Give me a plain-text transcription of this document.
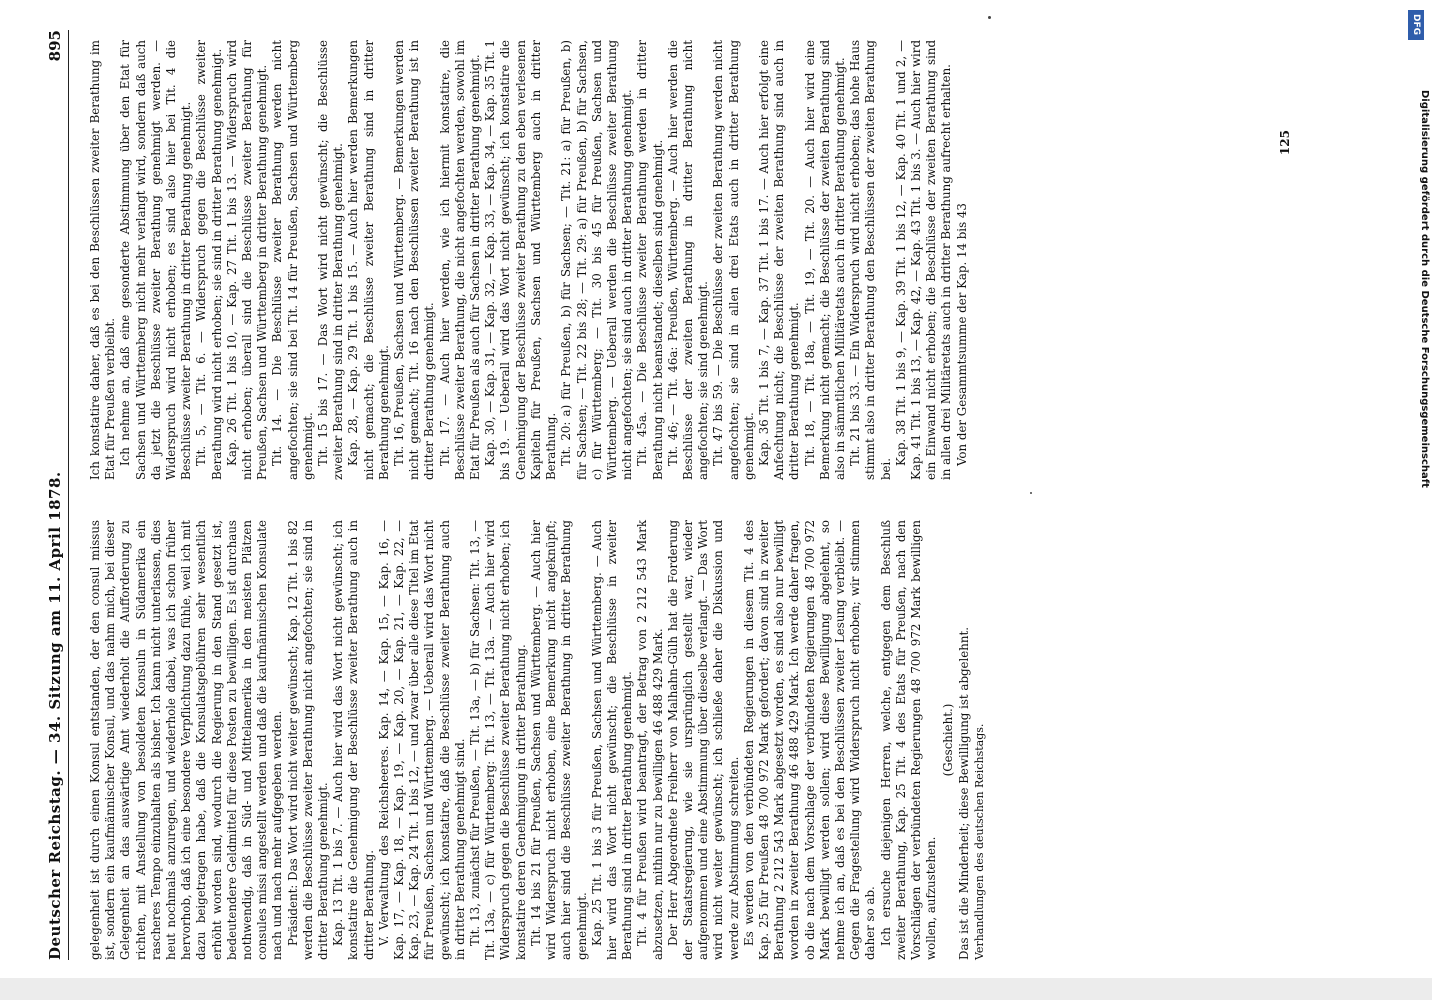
Deutscher Reichstag. — 34. Sitzung am 11. April 1878.
895

gelegenheit ist durch einen Konsul entstanden, der den consul missus ist, sondern ein kaufmännischer Konsul, und das nahm mich, bei dieser Gelegenheit an das auswärtige Amt wiederholt die Aufforderung zu richten, mit Anstellung von besoldeten Konsuln in Südamerika ein rascheres Tempo einzuhalten als bisher. Ich kann nicht unterlassen, dies heut nochmals anzuregen, und wiederhole dabei, was ich schon früher hervorhob, daß ich eine besondere Verpflichtung dazu fühle, weil ich mit dazu beigetragen habe, daß die Konsulatsgebühren sehr wesentlich erhöht worden sind, wodurch die Regierung in den Stand gesetzt ist, bedeutendere Geldmittel für diese Posten zu bewilligen. Es ist durchaus nothwendig, daß in Süd- und Mittelamerika in den meisten Plätzen consules missi angestellt werden und daß die kaufmännischen Konsulate nach und nach mehr aufgegeben werden. Präsident: Das Wort wird nicht weiter gewünscht; Kap. 12 Tit. 1 bis 82 werden die Beschlüsse zweiter Berathung nicht angefochten; sie sind in dritter Berathung genehmigt. Kap. 13 Tit. 1 bis 7. — Auch hier wird das Wort nicht gewünscht; ich konstatire die Genehmigung der Beschlüsse zweiter Berathung auch in dritter Berathung. V. Verwaltung des Reichsheeres. Kap. 14, — Kap. 15, — Kap. 16, — Kap. 17, — Kap. 18, — Kap. 19, — Kap. 20, — Kap. 21, — Kap. 22, — Kap. 23, — Kap. 24 Tit. 1 bis 12, — und zwar über alle diese Titel im Etat für Preußen, Sachsen und Württemberg. — Ueberall wird das Wort nicht gewünscht; ich konstatire, daß die Beschlüsse zweiter Berathung auch in dritter Berathung genehmigt sind. Tit. 13, zunächst für Preußen, — Tit. 13a, — b) für Sachsen: Tit. 13, — Tit. 13a, — c) für Württemberg: Tit. 13, — Tit. 13a. — Auch hier wird Widerspruch gegen die Beschlüsse zweiter Berathung nicht erhoben; ich konstatire deren Genehmigung in dritter Berathung. Tit. 14 bis 21 für Preußen, Sachsen und Württemberg. — Auch hier wird Widerspruch nicht erhoben, eine Bemerkung nicht angeknüpft; auch hier sind die Beschlüsse zweiter Berathung in dritter Berathung genehmigt. Kap. 25 Tit. 1 bis 3 für Preußen, Sachsen und Württemberg. — Auch hier wird das Wort nicht gewünscht; die Beschlüsse in zweiter Berathung sind in dritter Berathung genehmigt. Tit. 4 für Preußen wird beantragt, der Betrag von 2 212 543 Mark abzusetzen, mithin nur zu bewilligen 46 488 429 Mark. Der Herr Abgeordnete Freiherr von Malhahn-Gülh hat die Forderung der Staatsregierung, wie sie ursprünglich gestellt war, wieder aufgenommen und eine Abstimmung über dieselbe verlangt. — Das Wort wird nicht weiter gewünscht; ich schließe daher die Diskussion und werde zur Abstimmung schreiten. Es werden von den verbündeten Regierungen in diesem Tit. 4 des Kap. 25 für Preußen 48 700 972 Mark gefordert; davon sind in zweiter Berathung 2 212 543 Mark abgesetzt worden, es sind also nur bewilligt worden in zweiter Berathung 46 488 429 Mark. Ich werde daher fragen, ob die nach dem Vorschlage der verbündeten Regierungen 48 700 972 Mark bewilligt werden sollen; wird diese Bewilligung abgelehnt, so nehme ich an, daß es bei den Beschlüssen zweiter Lesung verbleibt. — Gegen die Fragestellung wird Widerspruch nicht erhoben; wir stimmen daher so ab. Ich ersuche diejenigen Herren, welche, entgegen dem Beschluß zweiter Berathung, Kap. 25 Tit. 4 des Etats für Preußen, nach den Vorschlägen der verbündeten Regierungen 48 700 972 Mark bewilligen wollen, aufzustehen.

(Geschieht.) Das ist die Minderheit; diese Bewilligung ist abgelehnt. Verhandlungen des deutschen Reichstags.

Ich konstatire daher, daß es bei den Beschlüssen zweiter Berathung im Etat für Preußen verbleibt. Ich nehme an, daß eine gesonderte Abstimmung über den Etat für Sachsen und Württemberg nicht mehr verlangt wird, sondern daß auch da jetzt die Beschlüsse zweiter Berathung genehmigt werden. — Widerspruch wird nicht erhoben; es sind also hier bei Tit. 4 die Beschlüsse zweiter Berathung in dritter Berathung genehmigt. Tit. 5, — Tit. 6. — Widerspruch gegen die Beschlüsse zweiter Berathung wird nicht erhoben; sie sind in dritter Berathung genehmigt. Kap. 26 Tit. 1 bis 10, — Kap. 27 Tit. 1 bis 13. — Widerspruch wird nicht erhoben; überall sind die Beschlüsse zweiter Berathung für Preußen, Sachsen und Württemberg in dritter Berathung genehmigt. Tit. 14. — Die Beschlüsse zweiter Berathung werden nicht angefochten; sie sind bei Tit. 14 für Preußen, Sachsen und Württemberg genehmigt. Tit. 15 bis 17. — Das Wort wird nicht gewünscht; die Beschlüsse zweiter Berathung sind in dritter Berathung genehmigt. Kap. 28, — Kap. 29 Tit. 1 bis 15. — Auch hier werden Bemerkungen nicht gemacht; die Beschlüsse zweiter Berathung sind in dritter Berathung genehmigt. Tit. 16, Preußen, Sachsen und Württemberg. — Bemerkungen werden nicht gemacht; Tit. 16 nach den Beschlüssen zweiter Berathung ist in dritter Berathung genehmigt. Tit. 17. — Auch hier werden, wie ich hiermit konstatire, die Beschlüsse zweiter Berathung, die nicht angefochten werden, sowohl im Etat für Preußen als auch für Sachsen in dritter Berathung genehmigt. Kap. 30, — Kap. 31, — Kap. 32, — Kap. 33, — Kap. 34, — Kap. 35 Tit. 1 bis 19. — Ueberall wird das Wort nicht gewünscht; ich konstatire die Genehmigung der Beschlüsse zweiter Berathung zu den eben verlesenen Kapiteln für Preußen, Sachsen und Württemberg auch in dritter Berathung. Tit. 20: a) für Preußen, b) für Sachsen; — Tit. 21: a) für Preußen, b) für Sachsen; — Tit. 22 bis 28; — Tit. 29: a) für Preußen, b) für Sachsen, c) für Württemberg; — Tit. 30 bis 45 für Preußen, Sachsen und Württemberg. — Ueberall werden die Beschlüsse zweiter Berathung nicht angefochten; sie sind auch in dritter Berathung genehmigt. Tit. 45a. — Die Beschlüsse zweiter Berathung werden in dritter Berathung nicht beanstandet; dieselben sind genehmigt. Tit. 46; — Tit. 46a: Preußen, Württemberg. — Auch hier werden die Beschlüsse der zweiten Berathung in dritter Berathung nicht angefochten; sie sind genehmigt. Tit. 47 bis 59. — Die Beschlüsse der zweiten Berathung werden nicht angefochten; sie sind in allen drei Etats auch in dritter Berathung genehmigt. Kap. 36 Tit. 1 bis 7, — Kap. 37 Tit. 1 bis 17. — Auch hier erfolgt eine Anfechtung nicht; die Beschlüsse der zweiten Berathung sind auch in dritter Berathung genehmigt. Tit. 18, — Tit. 18a, — Tit. 19, — Tit. 20. — Auch hier wird eine Bemerkung nicht gemacht; die Beschlüsse der zweiten Berathung sind also in sämmtlichen Militäretats auch in dritter Berathung genehmigt. Tit. 21 bis 33. — Ein Widerspruch wird nicht erhoben; das hohe Haus stimmt also in dritter Berathung den Beschlüssen der zweiten Berathung bei.

Kap. 38 Tit. 1 bis 9, — Kap. 39 Tit. 1 bis 12, — Kap. 40 Tit. 1 und 2, — Kap. 41 Tit. 1 bis 13, — Kap. 42, — Kap. 43 Tit. 1 bis 3. — Auch hier wird ein Einwand nicht erhoben; die Beschlüsse der zweiten Berathung sind in allen drei Militäretats auch in dritter Berathung aufrecht erhalten. Von der Gesammtsumme der Kap. 14 bis 43

125
DFG
Digitalisierung gefördert durch die Deutsche Forschungsgemeinschaft
